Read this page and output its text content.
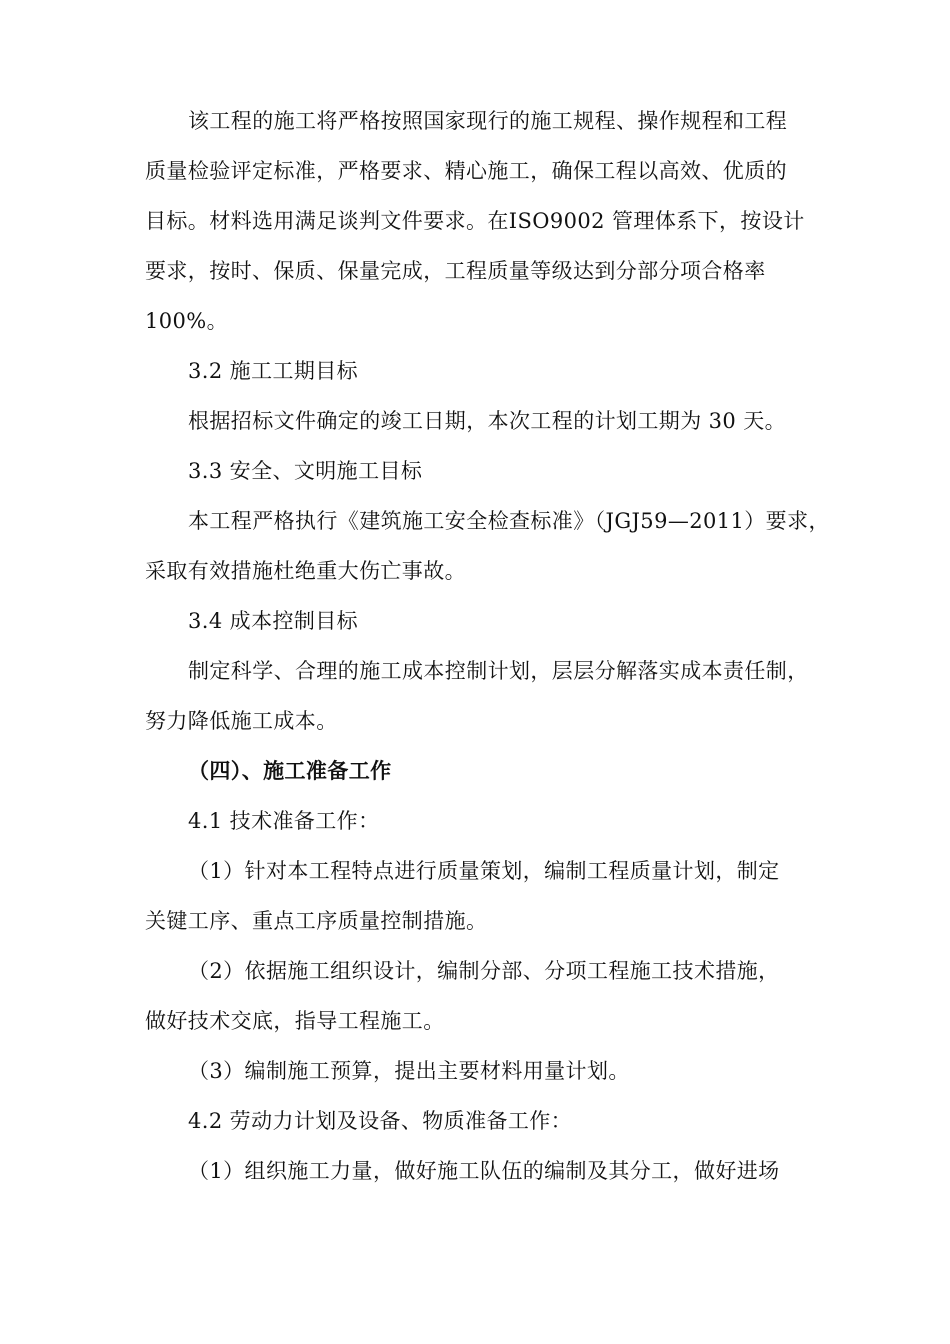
该工程的施工将严格按照国家现行的施工规程、操作规程和工程
质量检验评定标准，严格要求、精心施工，确保工程以高效、优质的
目标。材料选用满足谈判文件要求。在ISO9002 管理体系下，按设计
要求，按时、保质、保量完成，工程质量等级达到分部分项合格率
100%。
3.2 施工工期目标
根据招标文件确定的竣工日期，本次工程的计划工期为 30 天。
3.3 安全、文明施工目标
本工程严格执行《建筑施工安全检查标准》（JGJ59—2011）要求，
采取有效措施杜绝重大伤亡事故。
3.4 成本控制目标
制定科学、合理的施工成本控制计划，层层分解落实成本责任制，
努力降低施工成本。
（四）、施工准备工作
4.1 技术准备工作：
（1）针对本工程特点进行质量策划，编制工程质量计划，制定
关键工序、重点工序质量控制措施。
（2）依据施工组织设计，编制分部、分项工程施工技术措施，
做好技术交底，指导工程施工。
（3）编制施工预算，提出主要材料用量计划。
4.2 劳动力计划及设备、物质准备工作：
（1）组织施工力量，做好施工队伍的编制及其分工，做好进场
